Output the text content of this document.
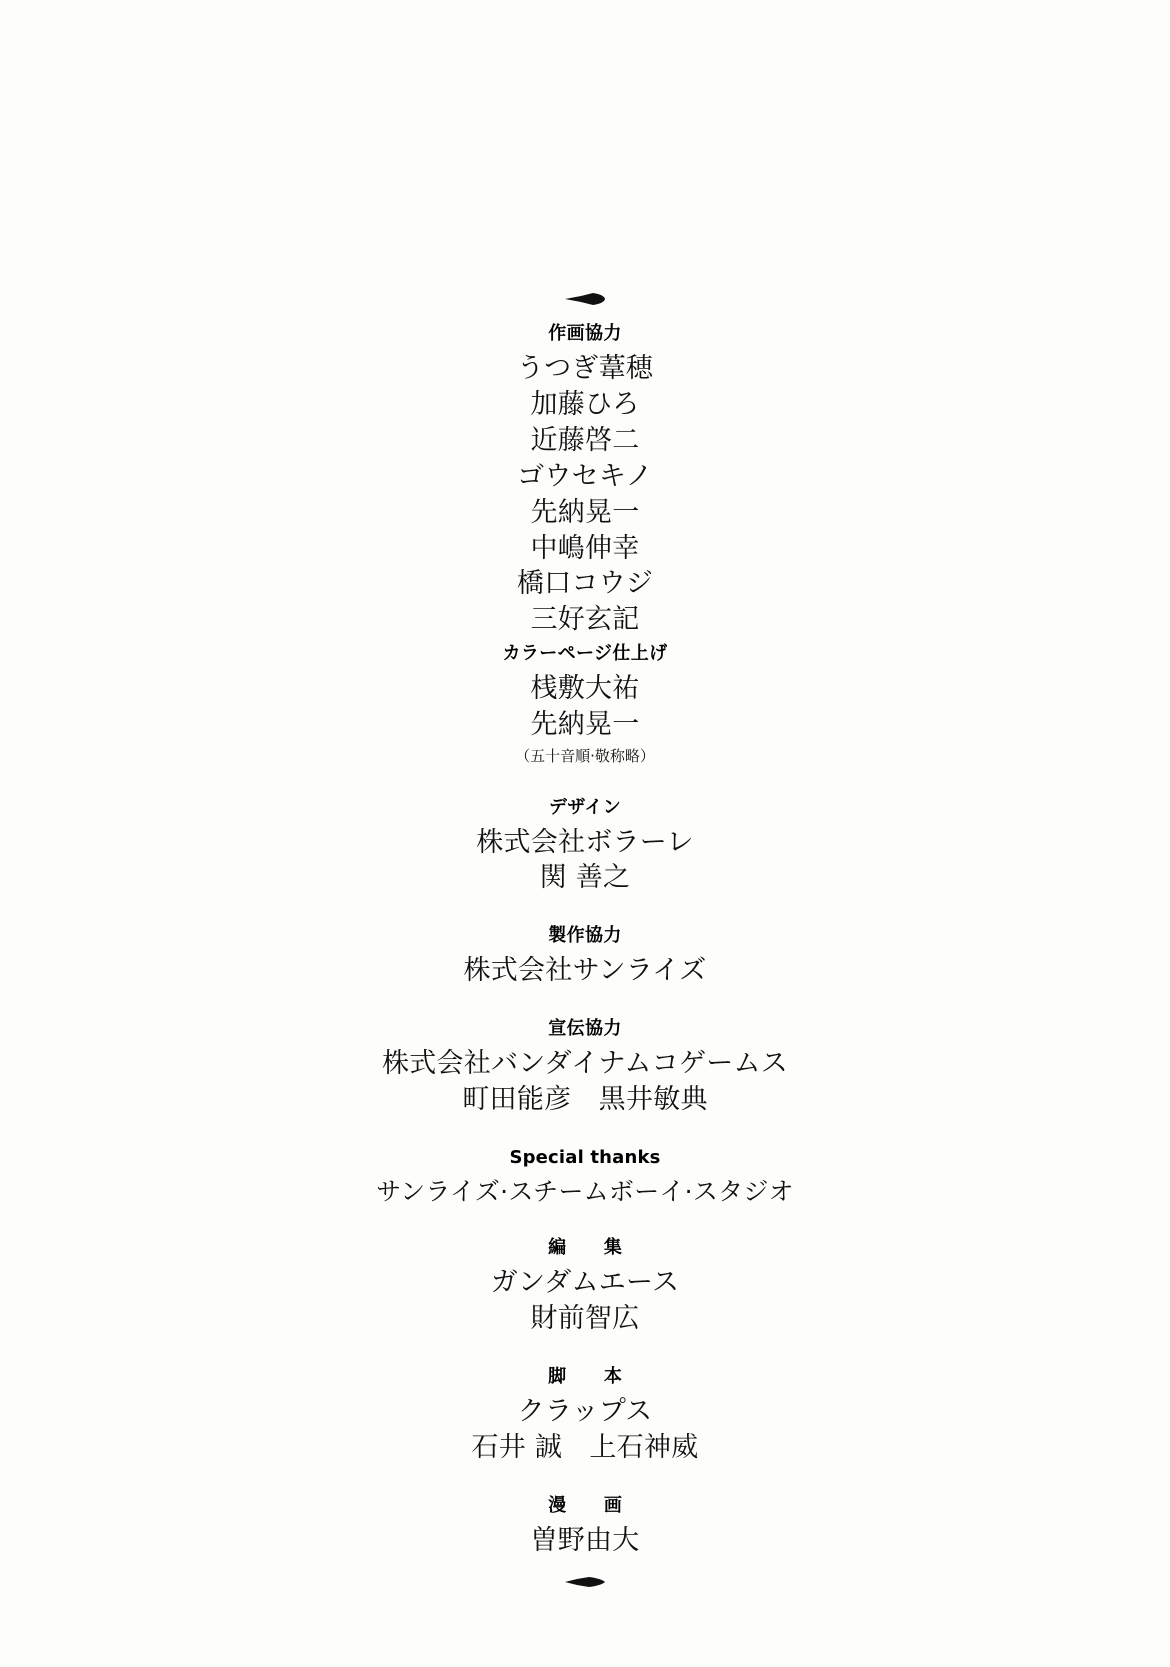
作画協力
うつぎ葦穂
加藤ひろ
近藤啓二
ゴウセキノ
先納晃一
中嶋伸幸
橋口コウジ
三好玄記
カラーページ仕上げ
桟敷大祐
先納晃一
（五十音順·敬称略）
デザイン
株式会社ボラーレ
関 善之
製作協力
株式会社サンライズ
宣伝協力
株式会社バンダイナムコゲームス
町田能彦　黒井敏典
Special thanks
サンライズ·スチームボーイ·スタジオ
編　集
ガンダムエース
財前智広
脚　本
クラップス
石井 誠　上石神威
漫　画
曽野由大
